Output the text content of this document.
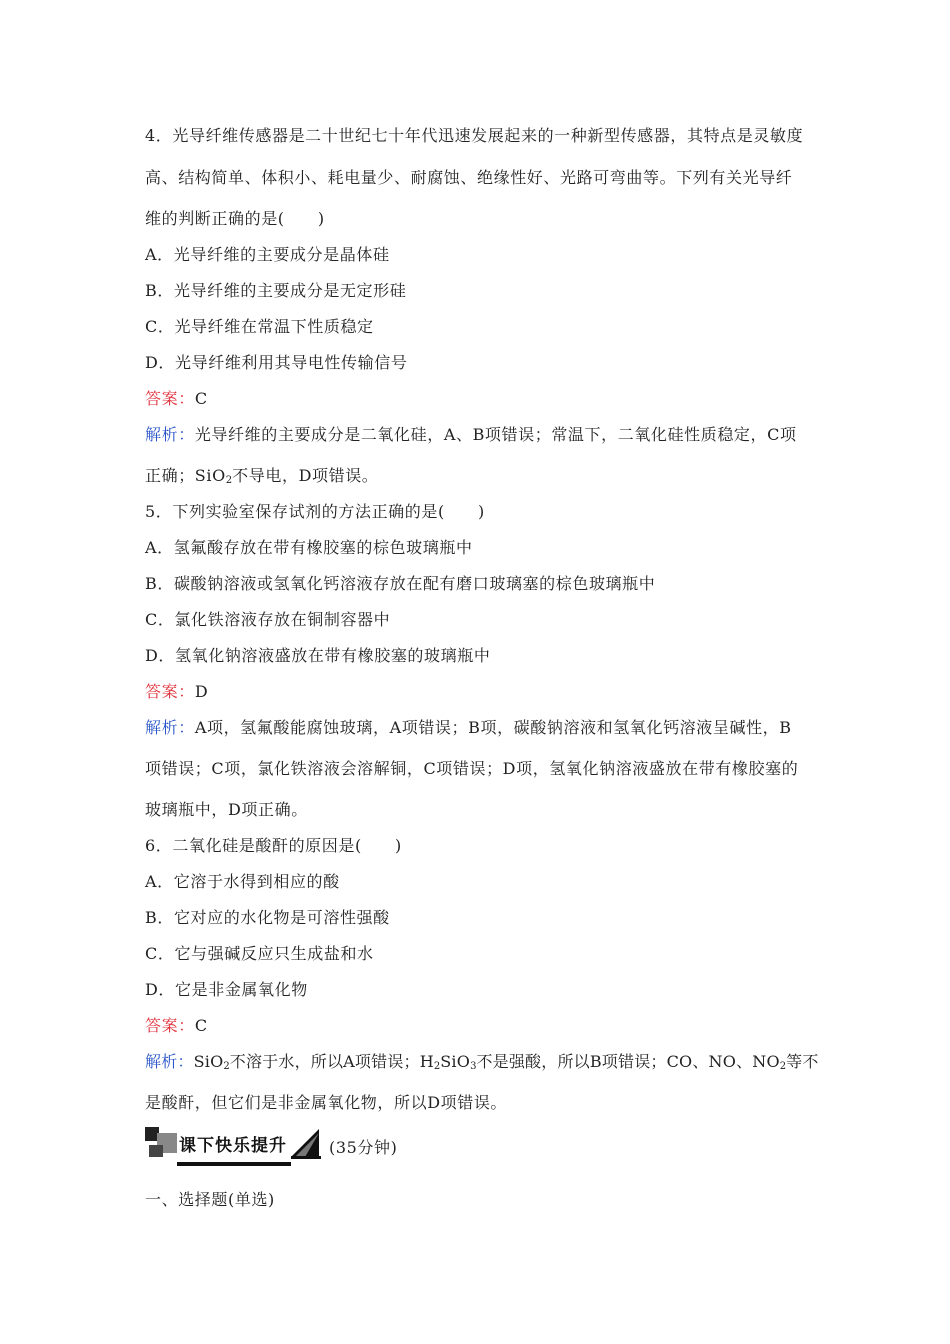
4．光导纤维传感器是二十世纪七十年代迅速发展起来的一种新型传感器，其特点是灵敏度
高、结构简单、体积小、耗电量少、耐腐蚀、绝缘性好、光路可弯曲等。下列有关光导纤
维的判断正确的是(　　)
A．光导纤维的主要成分是晶体硅
B．光导纤维的主要成分是无定形硅
C．光导纤维在常温下性质稳定
D．光导纤维利用其导电性传输信号
答案：C
解析：光导纤维的主要成分是二氧化硅，A、B项错误；常温下，二氧化硅性质稳定，C项
正确；SiO$_2$不导电，D项错误。
5．下列实验室保存试剂的方法正确的是(　　)
A．氢氟酸存放在带有橡胶塞的棕色玻璃瓶中
B．碳酸钠溶液或氢氧化钙溶液存放在配有磨口玻璃塞的棕色玻璃瓶中
C．氯化铁溶液存放在铜制容器中
D．氢氧化钠溶液盛放在带有橡胶塞的玻璃瓶中
答案：D
解析：A项，氢氟酸能腐蚀玻璃，A项错误；B项，碳酸钠溶液和氢氧化钙溶液呈碱性，B
项错误；C项，氯化铁溶液会溶解铜，C项错误；D项，氢氧化钠溶液盛放在带有橡胶塞的
玻璃瓶中，D项正确。
6．二氧化硅是酸酐的原因是(　　)
A．它溶于水得到相应的酸
B．它对应的水化物是可溶性强酸
C．它与强碱反应只生成盐和水
D．它是非金属氧化物
答案：C
解析：SiO$_2$不溶于水，所以A项错误；$H_2SiO_3$不是强酸，所以B项错误；CO、NO、$NO_2$等不
是酸酐，但它们是非金属氧化物，所以D项错误。
课下快乐提升	(35分钟)
一、选择题(单选)
